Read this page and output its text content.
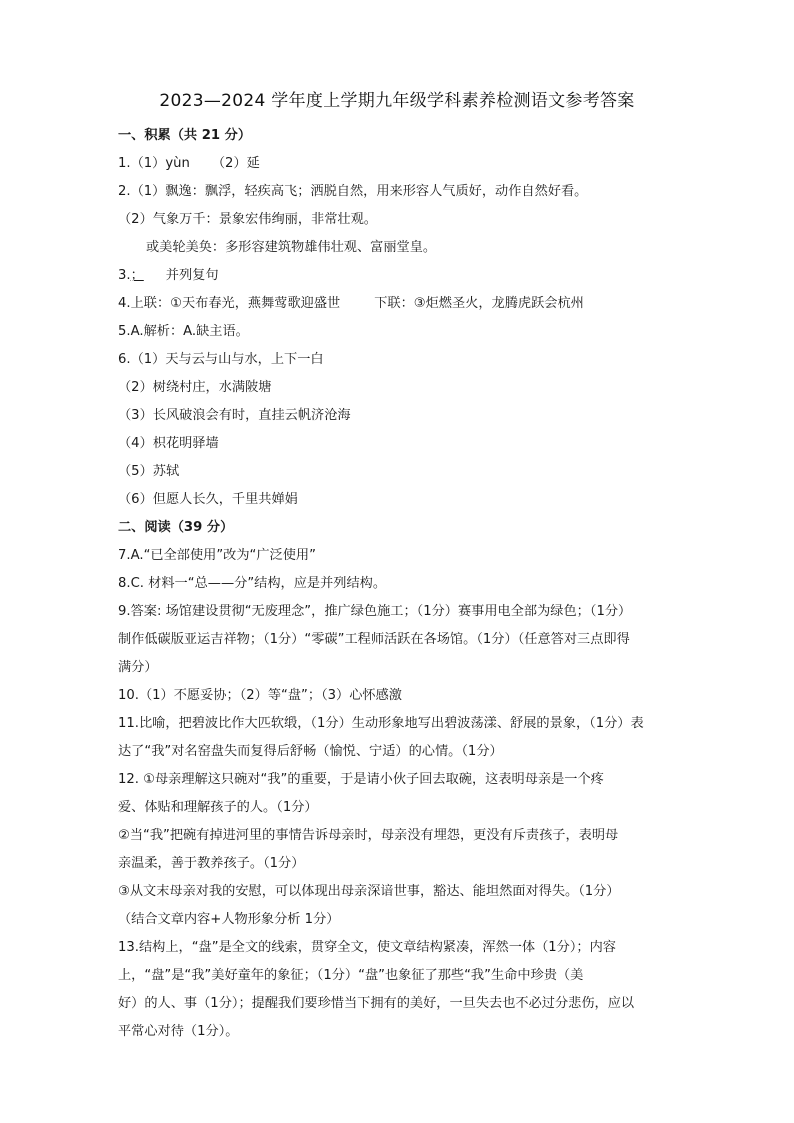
2023—2024 学年度上学期九年级学科素养检测语文参考答案
一、积累（共 21 分）
1.（1）yùn （2）延
2.（1）飘逸：飘浮，轻疾高飞；洒脱自然，用来形容人气质好，动作自然好看。
（2）气象万千：景象宏伟绚丽，非常壮观。
或美轮美奂：多形容建筑物雄伟壮观、富丽堂皇。
3.； 并列复句
4.上联：①天布春光，燕舞莺歌迎盛世	下联：③炬燃圣火，龙腾虎跃会杭州
5.A.解析：A.缺主语。
6.（1）天与云与山与水，上下一白
（2）树绕村庄，水满陂塘
（3）长风破浪会有时，直挂云帆济沧海
（4）枳花明驿墙
（5）苏轼
（6）但愿人长久，千里共婵娟
二、阅读（39 分）
7.A.“已全部使用”改为“广泛使用”
8.C. 材料一“总——分”结构，应是并列结构。
9.答案: 场馆建设贯彻“无废理念”，推广绿色施工；（1分）赛事用电全部为绿色；（1分）
制作低碳版亚运吉祥物；（1分）“零碳”工程师活跃在各场馆。（1分）（任意答对三点即得
满分）
10.（1）不愿妥协；（2）等“盘”；（3）心怀感激
11.比喻，把碧波比作大匹软缎，（1分）生动形象地写出碧波荡漾、舒展的景象，（1分）表
达了“我”对名窑盘失而复得后舒畅（愉悦、宁适）的心情。（1分）
12. ①母亲理解这只碗对“我”的重要，于是请小伙子回去取碗，这表明母亲是一个疼
爱、体贴和理解孩子的人。（1分）
②当“我”把碗有掉进河里的事情告诉母亲时，母亲没有埋怨，更没有斥责孩子，表明母
亲温柔，善于教养孩子。（1分）
③从文末母亲对我的安慰，可以体现出母亲深谙世事，豁达、能坦然面对得失。（1分）
（结合文章内容+人物形象分析 1分）
13.结构上，“盘”是全文的线索，贯穿全文，使文章结构紧凑，浑然一体（1分）；内容
上，“盘”是“我”美好童年的象征；（1分）“盘”也象征了那些“我”生命中珍贵（美
好）的人、事（1分）；提醒我们要珍惜当下拥有的美好，一旦失去也不必过分悲伤，应以
平常心对待（1分）。
